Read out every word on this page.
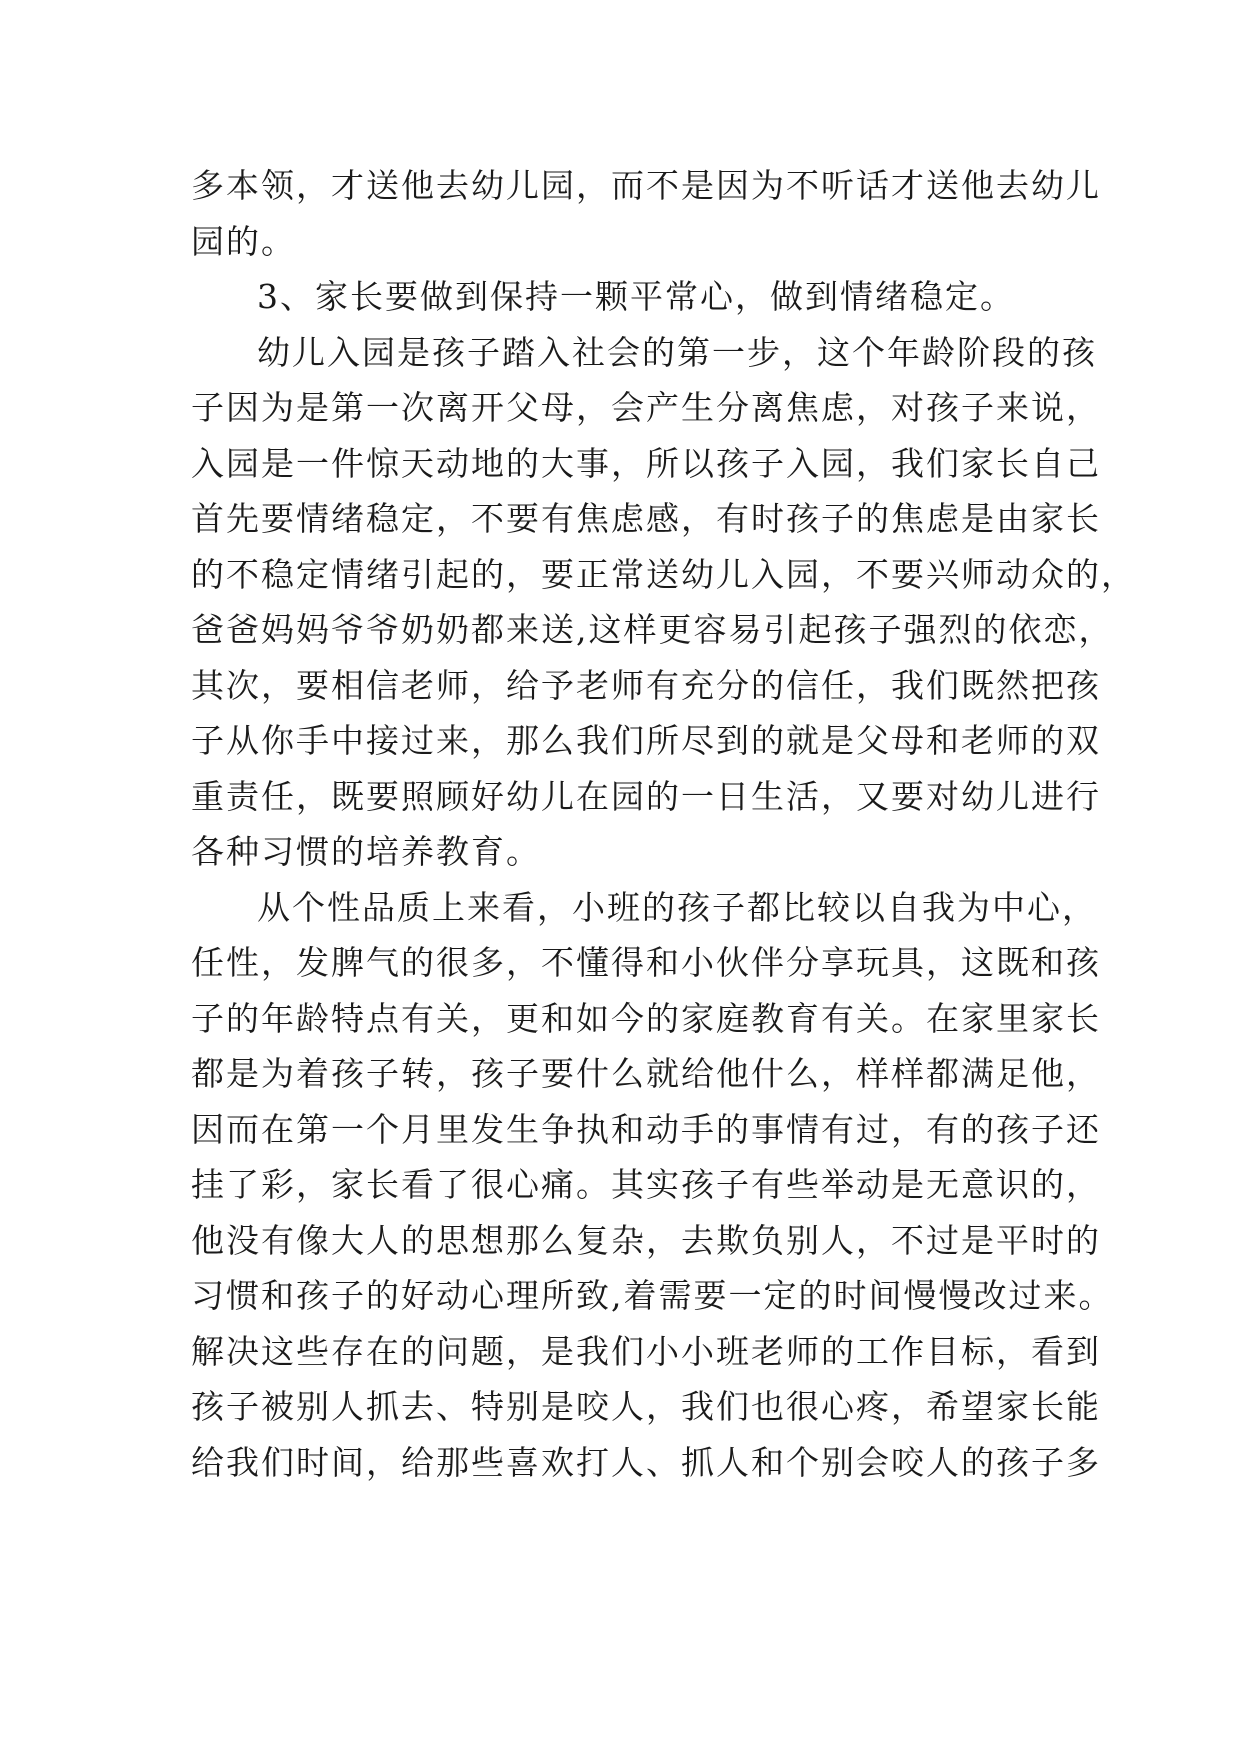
多本领，才送他去幼儿园，而不是因为不听话才送他去幼儿
园的。
3、家长要做到保持一颗平常心，做到情绪稳定。
幼儿入园是孩子踏入社会的第一步，这个年龄阶段的孩
子因为是第一次离开父母，会产生分离焦虑，对孩子来说，
入园是一件惊天动地的大事，所以孩子入园，我们家长自己
首先要情绪稳定，不要有焦虑感，有时孩子的焦虑是由家长
的不稳定情绪引起的，要正常送幼儿入园，不要兴师动众的，
爸爸妈妈爷爷奶奶都来送,这样更容易引起孩子强烈的依恋，
其次，要相信老师，给予老师有充分的信任，我们既然把孩
子从你手中接过来，那么我们所尽到的就是父母和老师的双
重责任，既要照顾好幼儿在园的一日生活，又要对幼儿进行
各种习惯的培养教育。
从个性品质上来看，小班的孩子都比较以自我为中心，
任性，发脾气的很多，不懂得和小伙伴分享玩具，这既和孩
子的年龄特点有关，更和如今的家庭教育有关。在家里家长
都是为着孩子转，孩子要什么就给他什么，样样都满足他，
因而在第一个月里发生争执和动手的事情有过，有的孩子还
挂了彩，家长看了很心痛。其实孩子有些举动是无意识的，
他没有像大人的思想那么复杂，去欺负别人，不过是平时的
习惯和孩子的好动心理所致,着需要一定的时间慢慢改过来。
解决这些存在的问题，是我们小小班老师的工作目标，看到
孩子被别人抓去、特别是咬人，我们也很心疼，希望家长能
给我们时间，给那些喜欢打人、抓人和个别会咬人的孩子多
